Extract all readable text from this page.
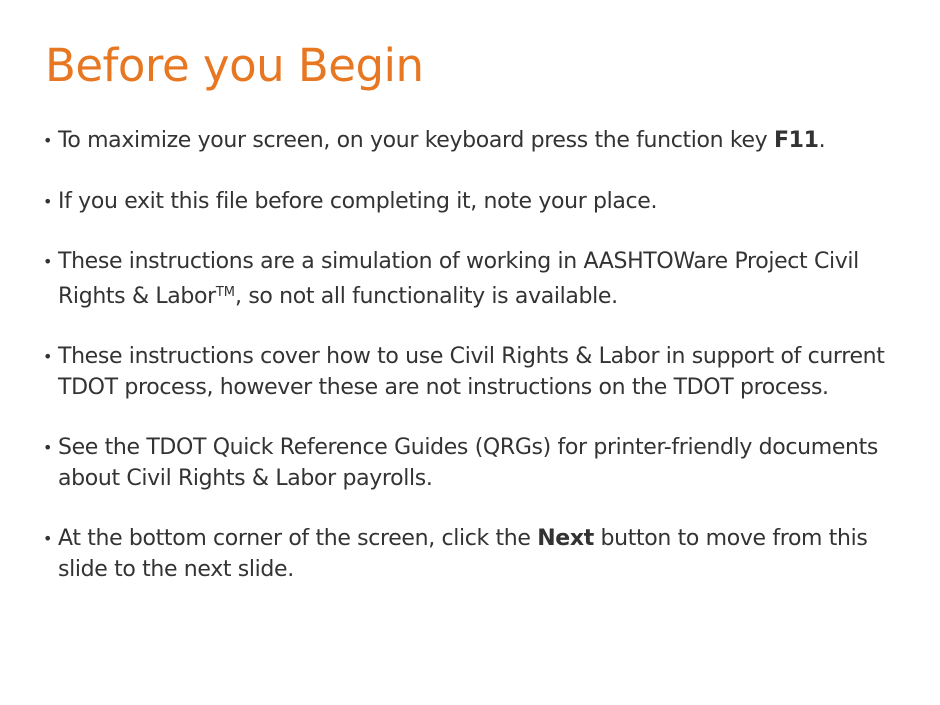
Before you Begin
• To maximize your screen, on your keyboard press the function key F11.
• If you exit this file before completing it, note your place.
• These instructions are a simulation of working in AASHTOWare Project Civil Rights & Labor™, so not all functionality is available.
• These instructions cover how to use Civil Rights & Labor in support of current TDOT process, however these are not instructions on the TDOT process.
• See the TDOT Quick Reference Guides (QRGs) for printer-friendly documents about Civil Rights & Labor payrolls.
• At the bottom corner of the screen, click the Next button to move from this slide to the next slide.
